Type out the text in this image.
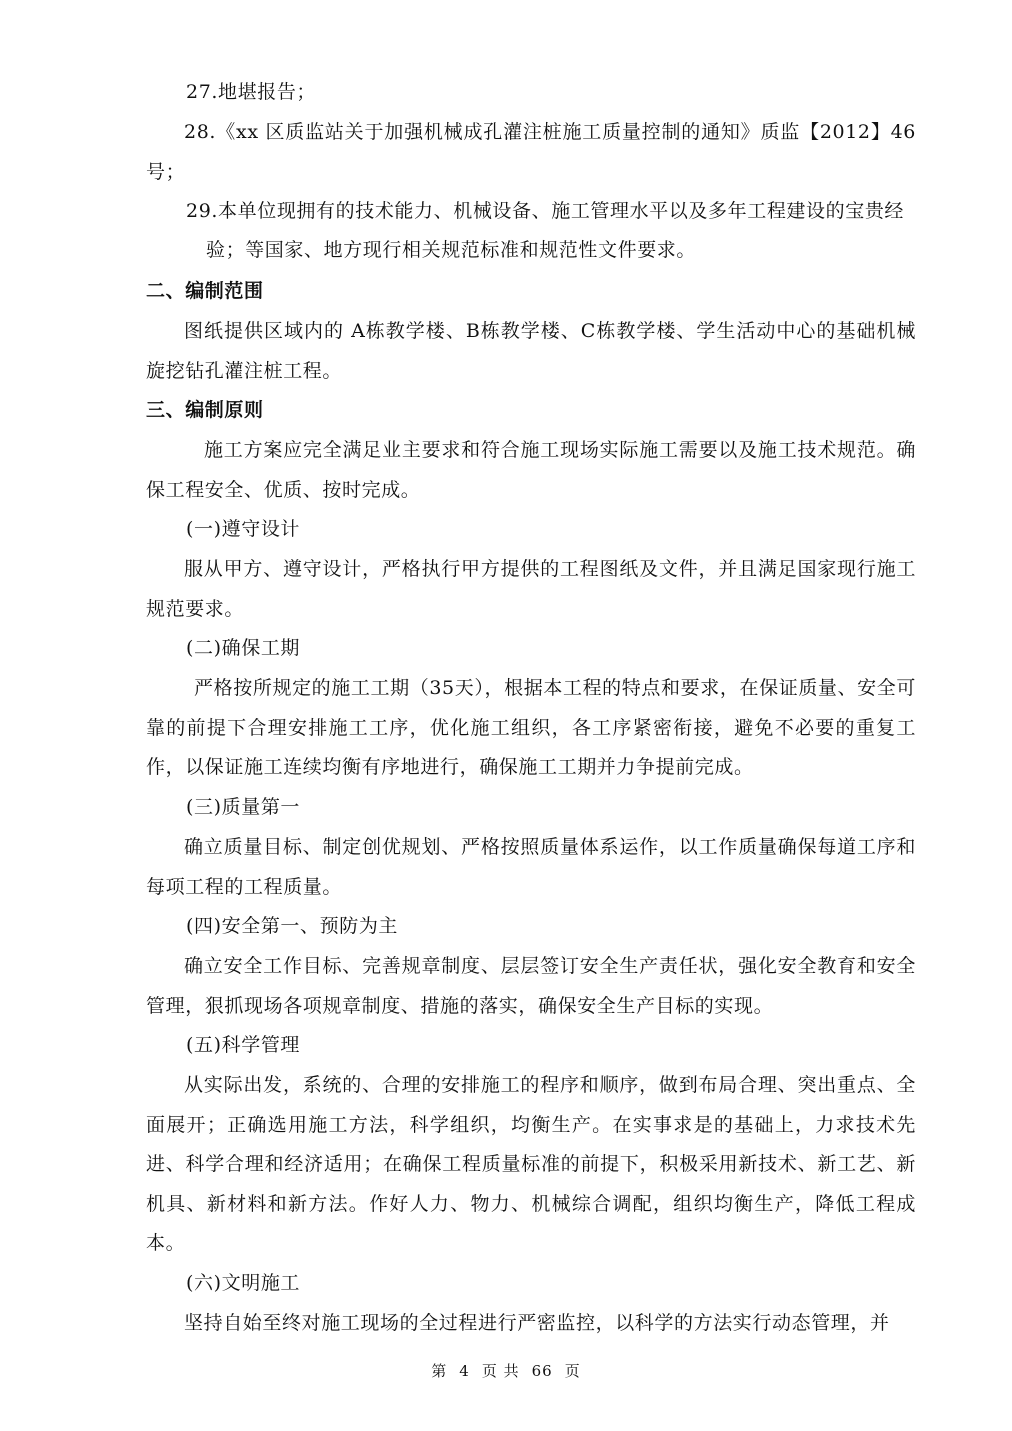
27.地堪报告；

28.《xx 区质监站关于加强机械成孔灌注桩施工质量控制的通知》质监【2012】46号；

29.本单位现拥有的技术能力、机械设备、施工管理水平以及多年工程建设的宝贵经

验；等国家、地方现行相关规范标准和规范性文件要求。

二、编制范围

图纸提供区域内的 A栋教学楼、B栋教学楼、C栋教学楼、学生活动中心的基础机械旋挖钻孔灌注桩工程。

三、编制原则

施工方案应完全满足业主要求和符合施工现场实际施工需要以及施工技术规范。确保工程安全、优质、按时完成。

(一)遵守设计

服从甲方、遵守设计，严格执行甲方提供的工程图纸及文件，并且满足国家现行施工规范要求。

(二)确保工期

严格按所规定的施工工期（35天），根据本工程的特点和要求，在保证质量、安全可靠的前提下合理安排施工工序，优化施工组织，各工序紧密衔接，避免不必要的重复工作，以保证施工连续均衡有序地进行，确保施工工期并力争提前完成。

(三)质量第一

确立质量目标、制定创优规划、严格按照质量体系运作，以工作质量确保每道工序和每项工程的工程质量。

(四)安全第一、预防为主

确立安全工作目标、完善规章制度、层层签订安全生产责任状，强化安全教育和安全管理，狠抓现场各项规章制度、措施的落实，确保安全生产目标的实现。

(五)科学管理

从实际出发，系统的、合理的安排施工的程序和顺序，做到布局合理、突出重点、全面展开；正确选用施工方法，科学组织，均衡生产。在实事求是的基础上，力求技术先进、科学合理和经济适用；在确保工程质量标准的前提下，积极采用新技术、新工艺、新机具、新材料和新方法。作好人力、物力、机械综合调配，组织均衡生产，降低工程成本。

(六)文明施工

坚持自始至终对施工现场的全过程进行严密监控，以科学的方法实行动态管理，并

第 4 页 共 66 页
